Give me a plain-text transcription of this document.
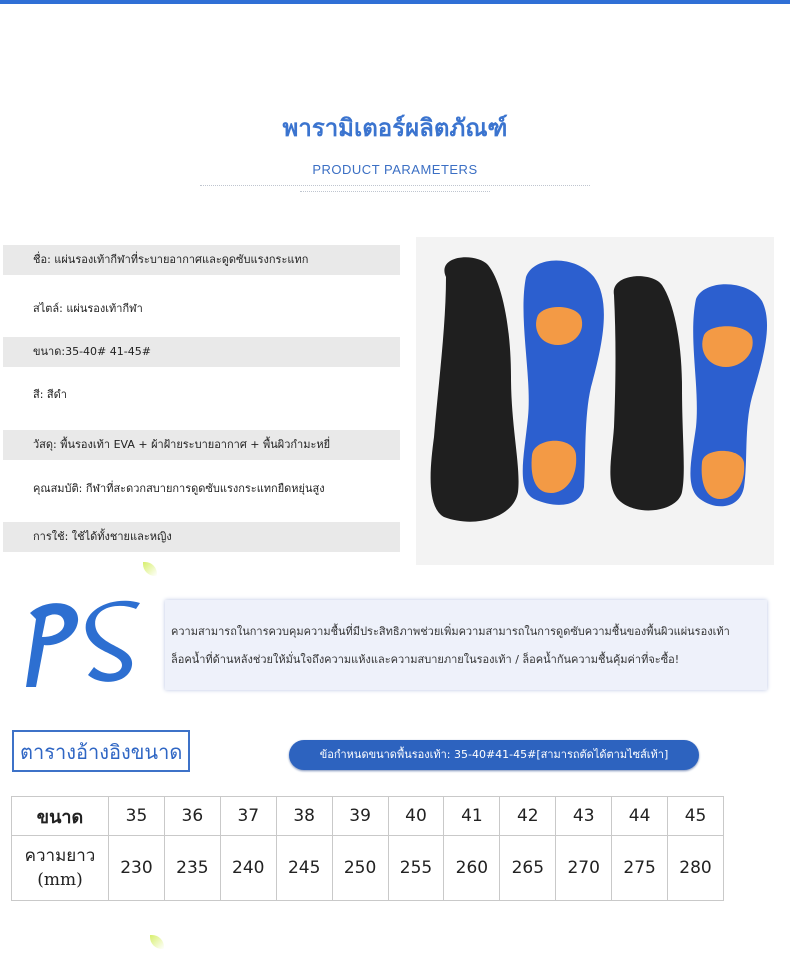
พารามิเตอร์ผลิตภัณฑ์
PRODUCT PARAMETERS
ชื่อ: แผ่นรองเท้ากีฬาที่ระบายอากาศและดูดซับแรงกระแทก
สไตล์: แผ่นรองเท้ากีฬา
ขนาด:35-40# 41-45#
สี: สีดำ
วัสดุ: พื้นรองเท้า EVA + ผ้าฝ้ายระบายอากาศ + พื้นผิวกำมะหยี่
คุณสมบัติ: กีฬาที่สะดวกสบายการดูดซับแรงกระแทกยืดหยุ่นสูง
การใช้: ใช้ได้ทั้งชายและหญิง
ความสามารถในการควบคุมความชื้นที่มีประสิทธิภาพช่วยเพิ่มความสามารถในการดูดซับความชื้นของพื้นผิวแผ่นรองเท้า
ล็อคน้ำที่ด้านหลังช่วยให้มั่นใจถึงความแห้งและความสบายภายในรองเท้า / ล็อคน้ำกันความชื้นคุ้มค่าที่จะซื้อ!
ตารางอ้างอิงขนาด	ข้อกำหนดขนาดพื้นรองเท้า: 35-40#41-45#[สามารถตัดได้ตามไซส์เท้า]
ขนาด	35	36	37	38	39	40	41	42	43	44	45

ความยาว
(mm)	230	235	240	245	250	255	260	265	270	275	280
